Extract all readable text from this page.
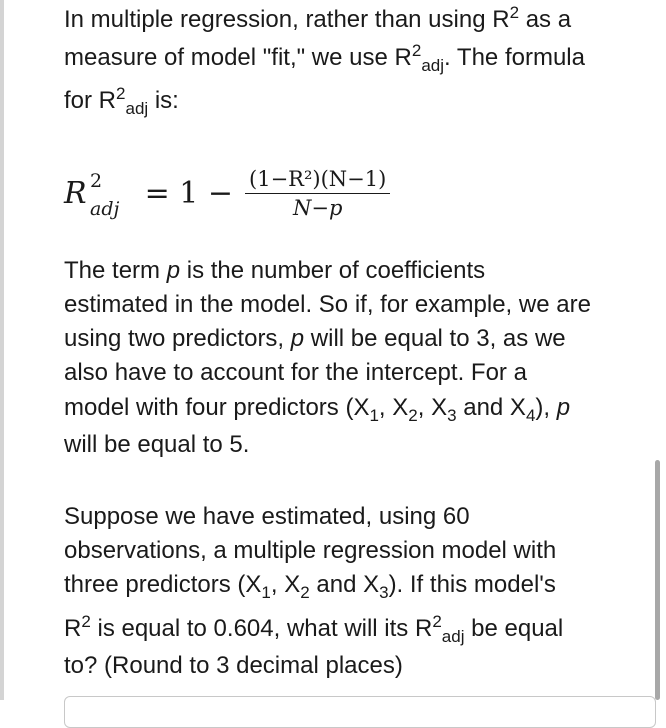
In multiple regression, rather than using $R^2$ as a
measure of model "fit," we use $R^2_{adj}$. The formula
for $R^2_{adj}$ is:
The term p is the number of coefficients
estimated in the model. So if, for example, we are
using two predictors, p will be equal to 3, as we
also have to account for the intercept. For a
model with four predictors ($X_1$, $X_2$, $X_3$ and $X_4$), p
will be equal to 5.
Suppose we have estimated, using 60
observations, a multiple regression model with
three predictors ($X_1$, $X_2$ and $X_3$). If this model's
$R^2$ is equal to 0.604, what will its $R^2_{adj}$ be equal
to? (Round to 3 decimal places)
R 2
adj = $1 - \frac{\text{(1−R²)(N−1)}}{N-p}$
